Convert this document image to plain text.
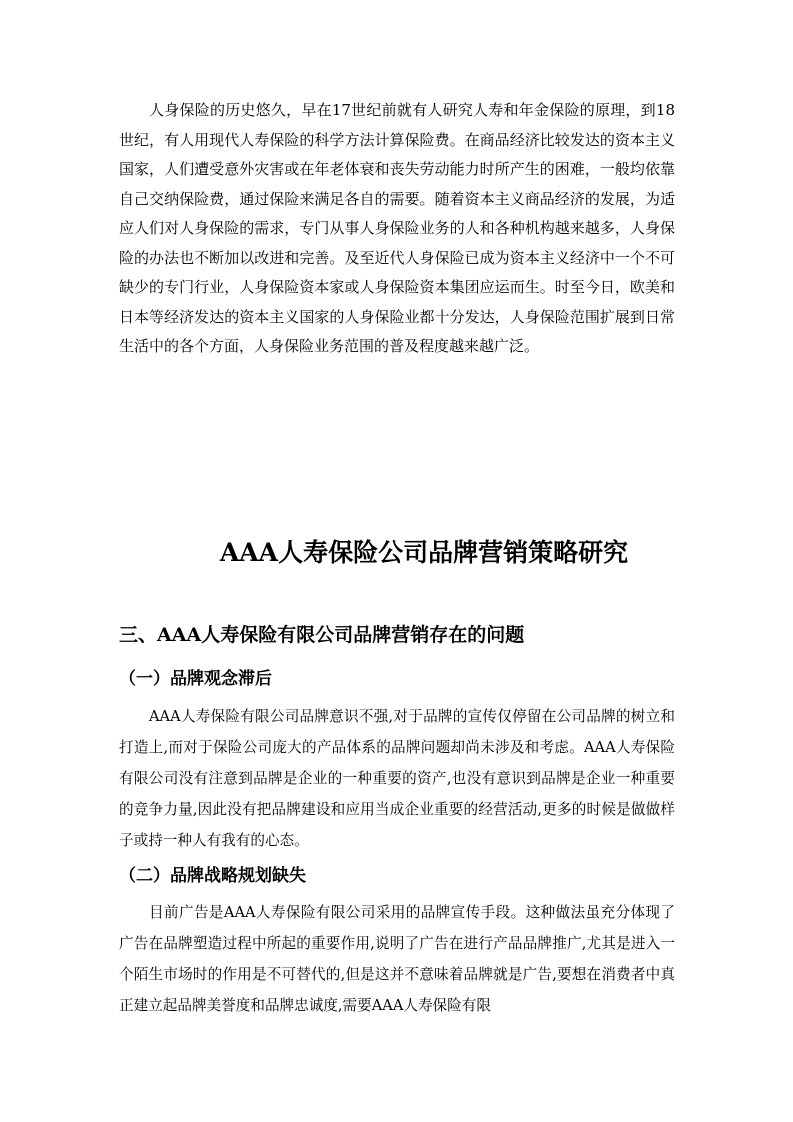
人身保险的历史悠久，早在17世纪前就有人研究人寿和年金保险的原理，到18世纪，有人用现代人寿保险的科学方法计算保险费。在商品经济比较发达的资本主义国家，人们遭受意外灾害或在年老体衰和丧失劳动能力时所产生的困难，一般均依靠自己交纳保险费，通过保险来满足各自的需要。随着资本主义商品经济的发展，为适应人们对人身保险的需求，专门从事人身保险业务的人和各种机构越来越多，人身保险的办法也不断加以改进和完善。及至近代人身保险已成为资本主义经济中一个不可缺少的专门行业，人身保险资本家或人身保险资本集团应运而生。时至今日，欧美和日本等经济发达的资本主义国家的人身保险业都十分发达，人身保险范围扩展到日常生活中的各个方面，人身保险业务范围的普及程度越来越广泛。

AAA人寿保险公司品牌营销策略研究
三、AAA人寿保险有限公司品牌营销存在的问题
（一）品牌观念滞后

AAA人寿保险有限公司品牌意识不强,对于品牌的宣传仅停留在公司品牌的树立和打造上,而对于保险公司庞大的产品体系的品牌问题却尚未涉及和考虑。AAA人寿保险有限公司没有注意到品牌是企业的一种重要的资产,也没有意识到品牌是企业一种重要的竞争力量,因此没有把品牌建设和应用当成企业重要的经营活动,更多的时候是做做样子或持一种人有我有的心态。

（二）品牌战略规划缺失

目前广告是AAA人寿保险有限公司采用的品牌宣传手段。这种做法虽充分体现了广告在品牌塑造过程中所起的重要作用,说明了广告在进行产品品牌推广,尤其是进入一个陌生市场时的作用是不可替代的,但是这并不意味着品牌就是广告,要想在消费者中真正建立起品牌美誉度和品牌忠诚度,需要AAA人寿保险有限
